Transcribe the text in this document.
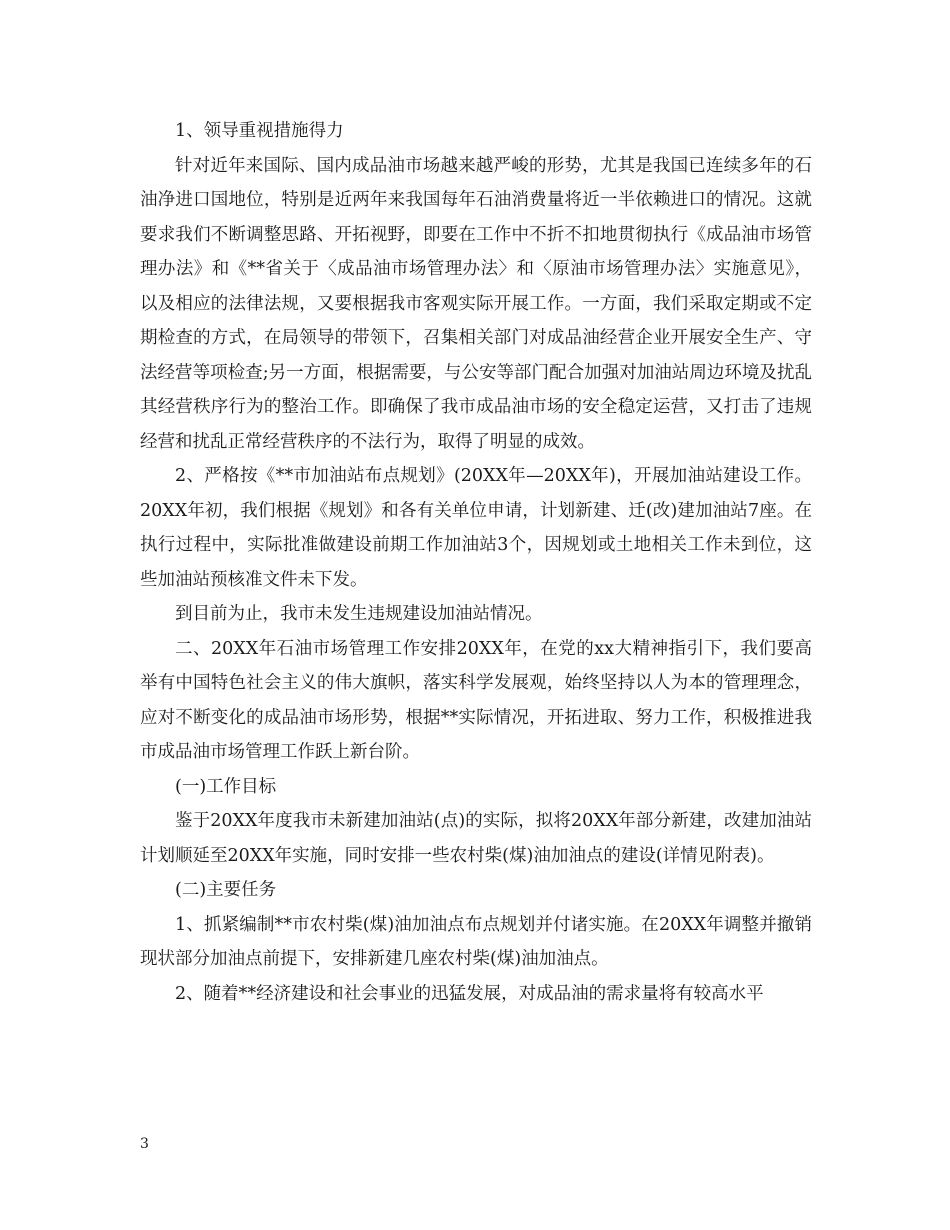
1、领导重视措施得力

针对近年来国际、国内成品油市场越来越严峻的形势，尤其是我国已连续多年的石油净进口国地位，特别是近两年来我国每年石油消费量将近一半依赖进口的情况。这就要求我们不断调整思路、开拓视野，即要在工作中不折不扣地贯彻执行《成品油市场管理办法》和《**省关于〈成品油市场管理办法〉和〈原油市场管理办法〉实施意见》，以及相应的法律法规，又要根据我市客观实际开展工作。一方面，我们采取定期或不定期检查的方式，在局领导的带领下，召集相关部门对成品油经营企业开展安全生产、守法经营等项检查;另一方面，根据需要，与公安等部门配合加强对加油站周边环境及扰乱其经营秩序行为的整治工作。即确保了我市成品油市场的安全稳定运营，又打击了违规经营和扰乱正常经营秩序的不法行为，取得了明显的成效。

2、严格按《**市加油站布点规划》(20XX年—20XX年)，开展加油站建设工作。20XX年初，我们根据《规划》和各有关单位申请，计划新建、迁(改)建加油站7座。在执行过程中，实际批准做建设前期工作加油站3个，因规划或土地相关工作未到位，这些加油站预核准文件未下发。

到目前为止，我市未发生违规建设加油站情况。

二、20XX年石油市场管理工作安排20XX年，在党的xx大精神指引下，我们要高举有中国特色社会主义的伟大旗帜，落实科学发展观，始终坚持以人为本的管理理念，应对不断变化的成品油市场形势，根据**实际情况，开拓进取、努力工作，积极推进我市成品油市场管理工作跃上新台阶。

(一)工作目标

鉴于20XX年度我市未新建加油站(点)的实际，拟将20XX年部分新建，改建加油站计划顺延至20XX年实施，同时安排一些农村柴(煤)油加油点的建设(详情见附表)。

(二)主要任务

1、抓紧编制**市农村柴(煤)油加油点布点规划并付诸实施。在20XX年调整并撤销现状部分加油点前提下，安排新建几座农村柴(煤)油加油点。

2、随着**经济建设和社会事业的迅猛发展，对成品油的需求量将有较高水平

3
